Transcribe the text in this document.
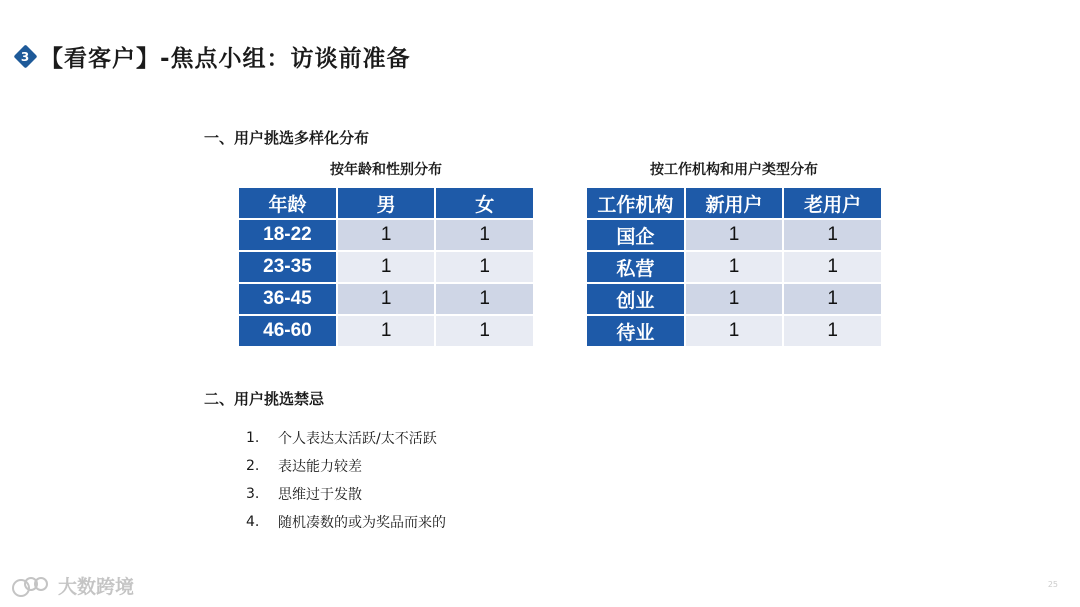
3 【看客户】-焦点小组：访谈前准备
一、用户挑选多样化分布
按年龄和性别分布	按工作机构和用户类型分布
年龄	男	女
18-22	1	1
23-35	1	1
36-45	1	1
46-60	1	1
工作机构	新用户	老用户
国企	1	1
私营	1	1
创业	1	1
待业	1	1
二、用户挑选禁忌
1.	个人表达太活跃/太不活跃
2.	表达能力较差
3.	思维过于发散
4.	随机凑数的或为奖品而来的
大数跨境	25
